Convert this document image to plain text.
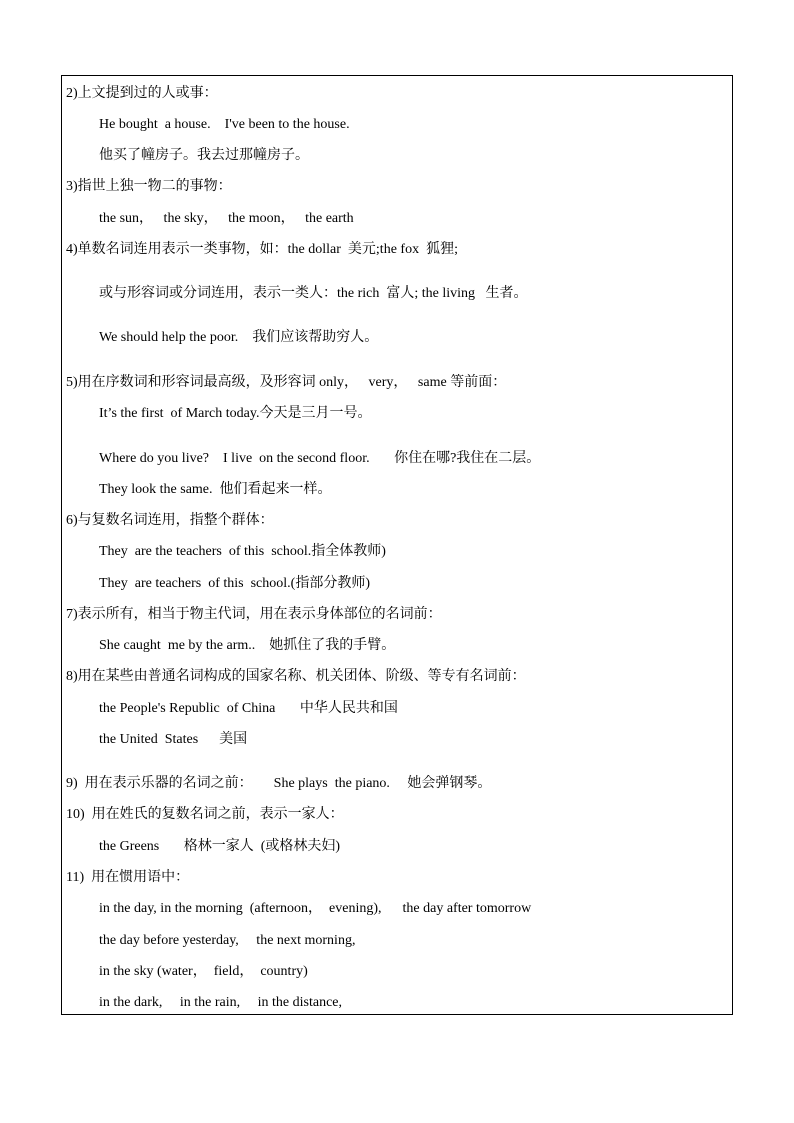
2)上文提到过的人或事：
He bought  a house.    I've been to the house.
他买了幢房子。我去过那幢房子。
3)指世上独一物二的事物：
the sun，   the sky，   the moon，   the earth
4)单数名词连用表示一类事物，如：the dollar  美元;the fox  狐狸;
或与形容词或分词连用，表示一类人：the rich  富人; the living   生者。
We should help the poor.    我们应该帮助穷人。
5)用在序数词和形容词最高级，及形容词 only，   very，   same 等前面：
It’s the first  of March today.今天是三月一号。
Where do you live?    I live  on the second floor.       你住在哪?我住在二层。
They look the same.  他们看起来一样。
6)与复数名词连用，指整个群体：
They  are the teachers  of this  school.指全体教师)
They  are teachers  of this  school.(指部分教师)
7)表示所有，相当于物主代词，用在表示身体部位的名词前：
She caught  me by the arm..    她抓住了我的手臂。
8)用在某些由普通名词构成的国家名称、机关团体、阶级、等专有名词前：
the People's Republic  of China       中华人民共和国
the United  States      美国
9)  用在表示乐器的名词之前：      She plays  the piano.     她会弹钢琴。
10)  用在姓氏的复数名词之前，表示一家人：
the Greens       格林一家人  (或格林夫妇)
11)  用在惯用语中：
in the day, in the morning  (afternoon，  evening),      the day after tomorrow
the day before yesterday,     the next morning,
in the sky (water，  field，  country)
in the dark,     in the rain,     in the distance,
